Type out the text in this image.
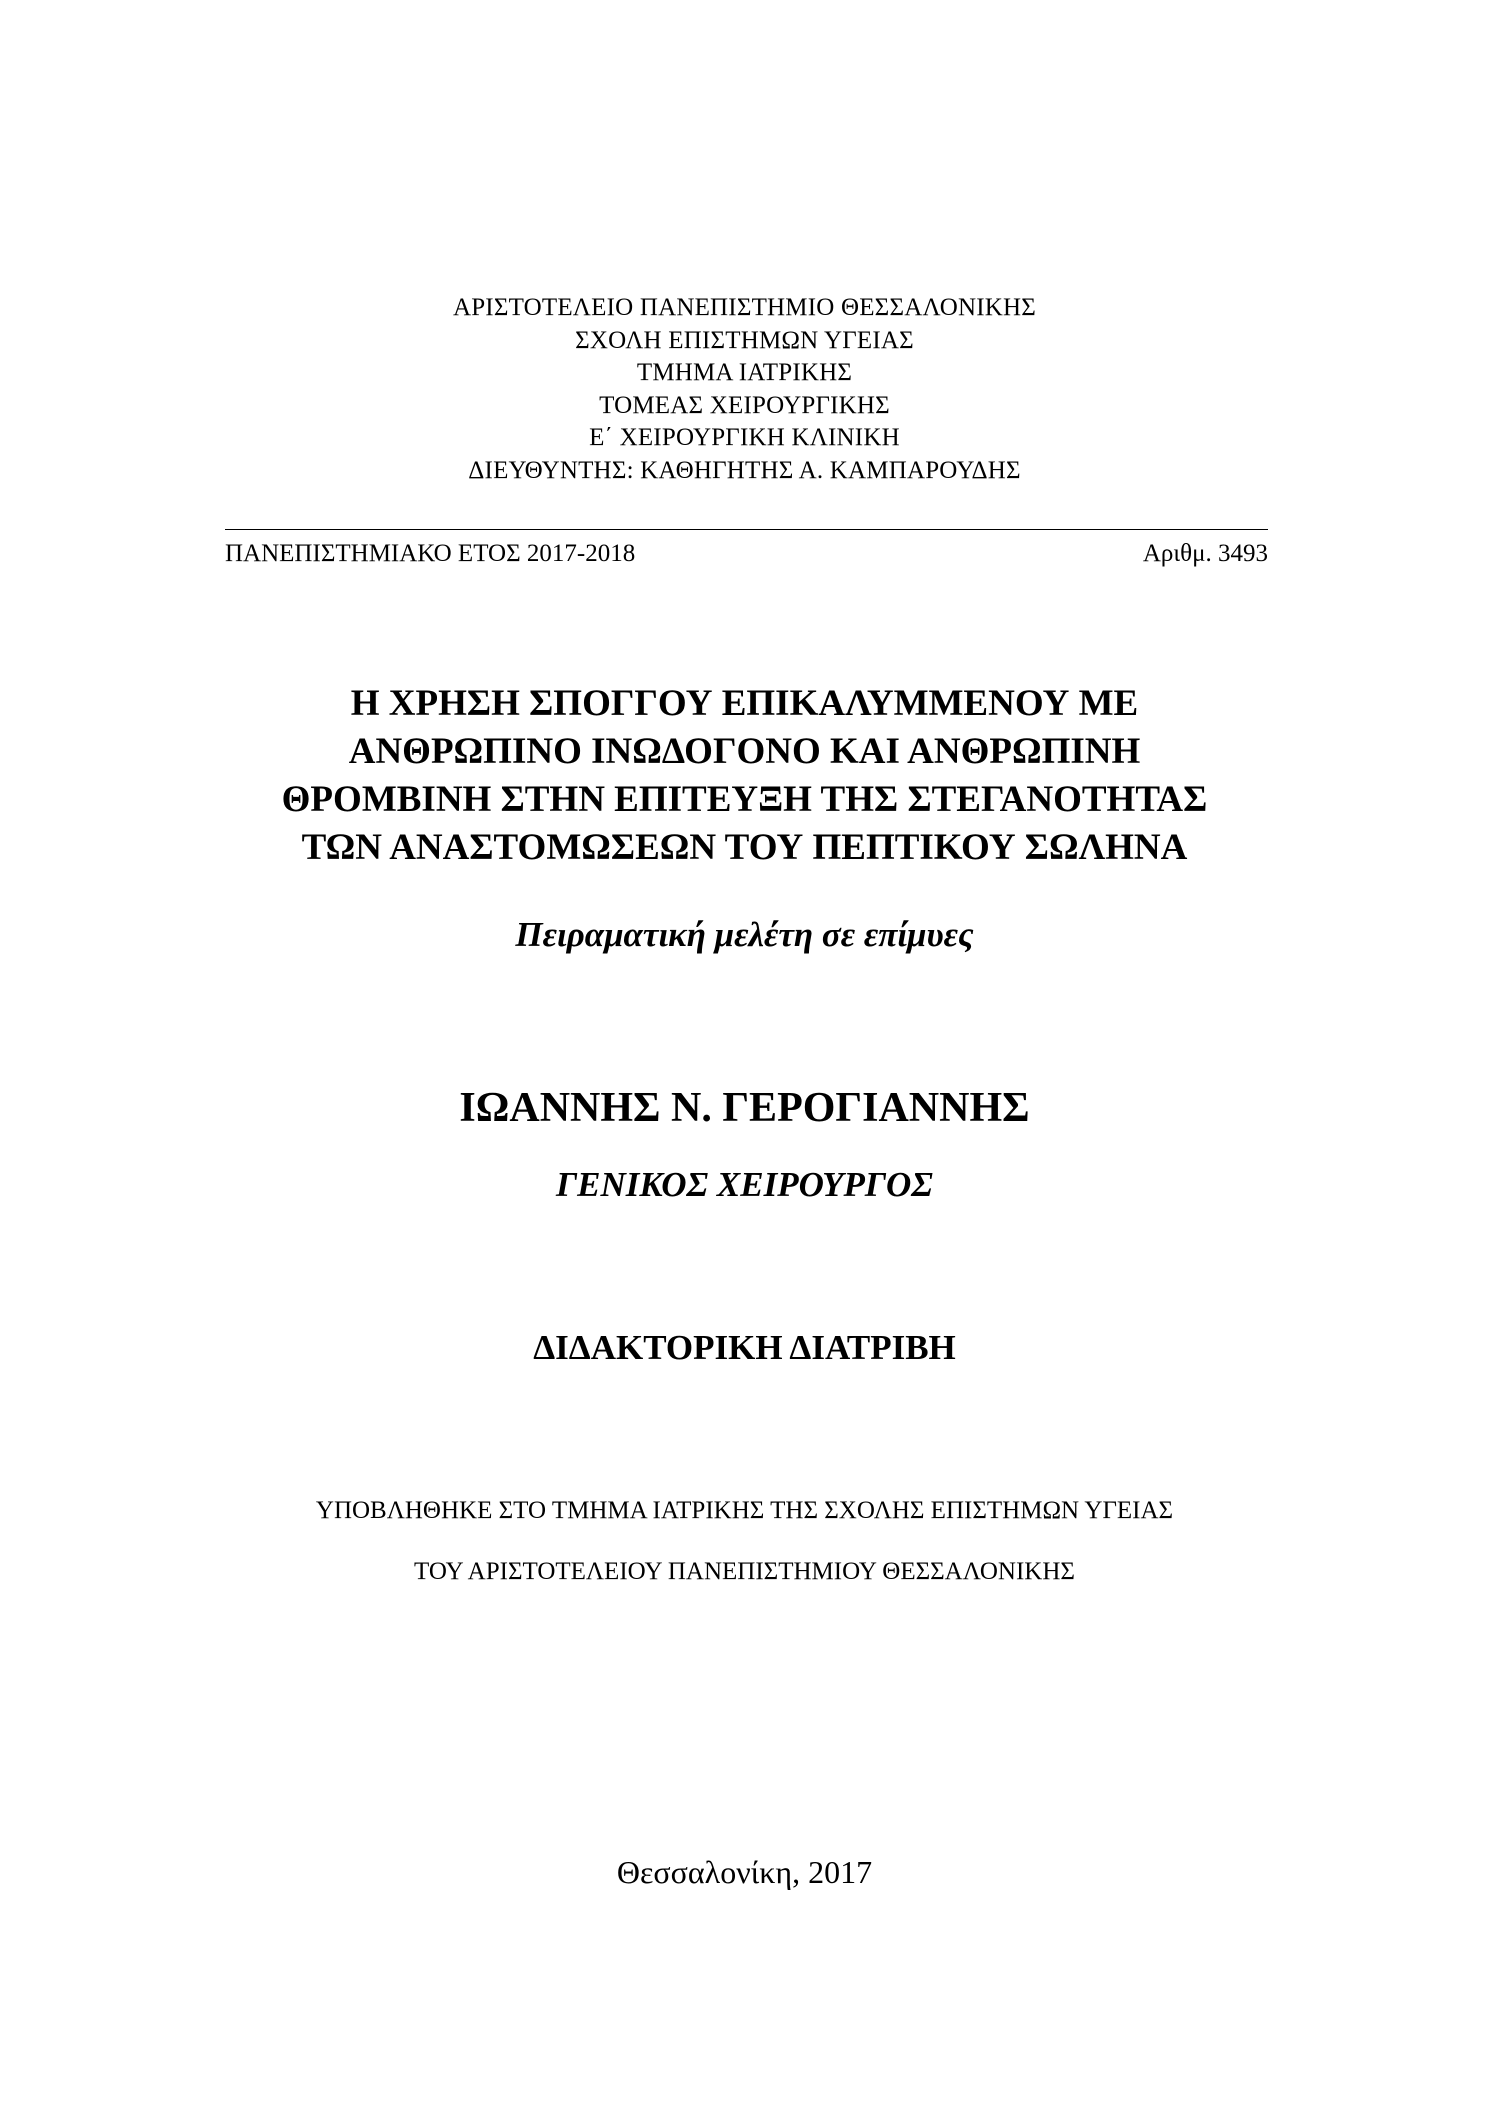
ΑΡΙΣΤΟΤΕΛΕΙΟ ΠΑΝΕΠΙΣΤΗΜΙΟ ΘΕΣΣΑΛΟΝΙΚΗΣ
ΣΧΟΛΗ ΕΠΙΣΤΗΜΩΝ ΥΓΕΙΑΣ
ΤΜΗΜΑ ΙΑΤΡΙΚΗΣ
ΤΟΜΕΑΣ ΧΕΙΡΟΥΡΓΙΚΗΣ
Ε΄ ΧΕΙΡΟΥΡΓΙΚΗ ΚΛΙΝΙΚΗ
ΔΙΕΥΘΥΝΤΗΣ: ΚΑΘΗΓΗΤΗΣ Α. ΚΑΜΠΑΡΟΥΔΗΣ
ΠΑΝΕΠΙΣΤΗΜΙΑΚΟ ΕΤΟΣ 2017-2018	Αριθμ. 3493
Η ΧΡΗΣΗ ΣΠΟΓΓΟΥ ΕΠΙΚΑΛΥΜΜΕΝΟΥ ΜΕ
ΑΝΘΡΩΠΙΝΟ ΙΝΩΔΟΓΟΝΟ ΚΑΙ ΑΝΘΡΩΠΙΝΗ
ΘΡΟΜΒΙΝΗ ΣΤΗΝ ΕΠΙΤΕΥΞΗ ΤΗΣ ΣΤΕΓΑΝΟΤΗΤΑΣ
ΤΩΝ ΑΝΑΣΤΟΜΩΣΕΩΝ ΤΟΥ ΠΕΠΤΙΚΟΥ ΣΩΛΗΝΑ
Πειραματική μελέτη σε επίμυες
ΙΩΑΝΝΗΣ Ν. ΓΕΡΟΓΙΑΝΝΗΣ
ΓΕΝΙΚΟΣ ΧΕΙΡΟΥΡΓΟΣ
ΔΙΔΑΚΤΟΡΙΚΗ ΔΙΑΤΡΙΒΗ
ΥΠΟΒΛΗΘΗΚΕ ΣΤΟ ΤΜΗΜΑ ΙΑΤΡΙΚΗΣ ΤΗΣ ΣΧΟΛΗΣ ΕΠΙΣΤΗΜΩΝ ΥΓΕΙΑΣ
ΤΟΥ ΑΡΙΣΤΟΤΕΛΕΙΟΥ ΠΑΝΕΠΙΣΤΗΜΙΟΥ ΘΕΣΣΑΛΟΝΙΚΗΣ
Θεσσαλονίκη, 2017
